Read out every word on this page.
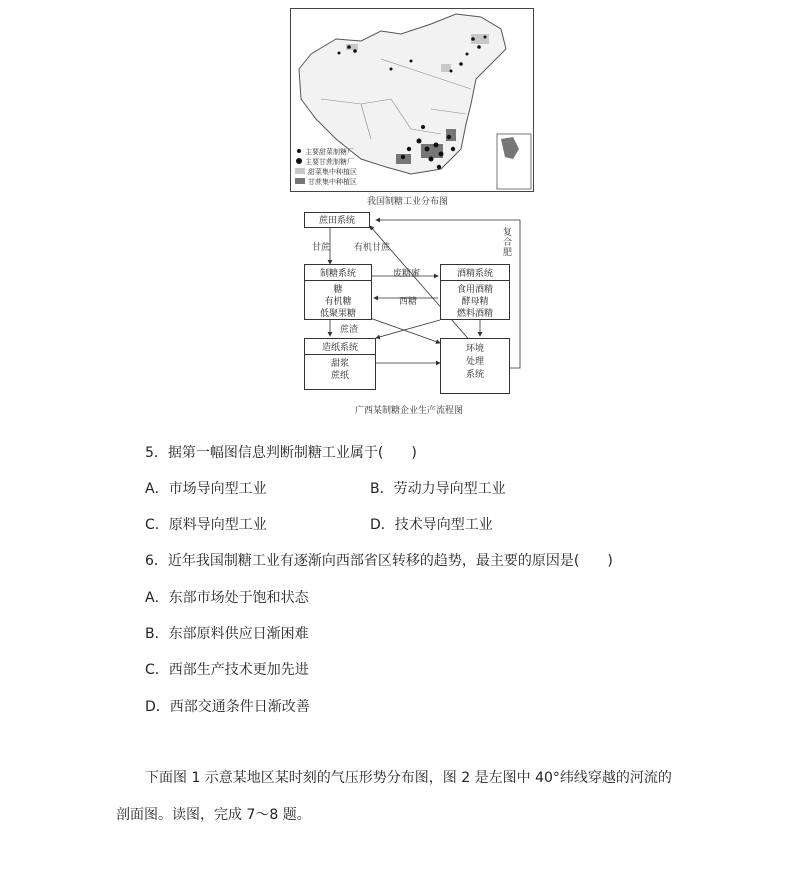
主要甜菜制糖厂
主要甘蔗制糖厂
甜菜集中种植区
甘蔗集中种植区
我国制糖工业分布图
蔗田系统
甘蔗	有机甘蔗
复合肥
制糖系统
糖
有机糖
低聚果糖
废糖蜜
西糖
酒精系统
食用酒精
酵母精
燃料酒精
蔗渣
造纸系统
甜浆
蔗纸
环境
处理
系统
广西某制糖企业生产流程图
5．据第一幅图信息判断制糖工业属于(　　)
A．市场导向型工业	B．劳动力导向型工业
C．原料导向型工业	D．技术导向型工业
6．近年我国制糖工业有逐渐向西部省区转移的趋势，最主要的原因是(　　)
A．东部市场处于饱和状态
B．东部原料供应日渐困难
C．西部生产技术更加先进
D．西部交通条件日渐改善
下面图 1 示意某地区某时刻的气压形势分布图，图 2 是左图中 40°纬线穿越的河流的
剖面图。读图，完成 7～8 题。
